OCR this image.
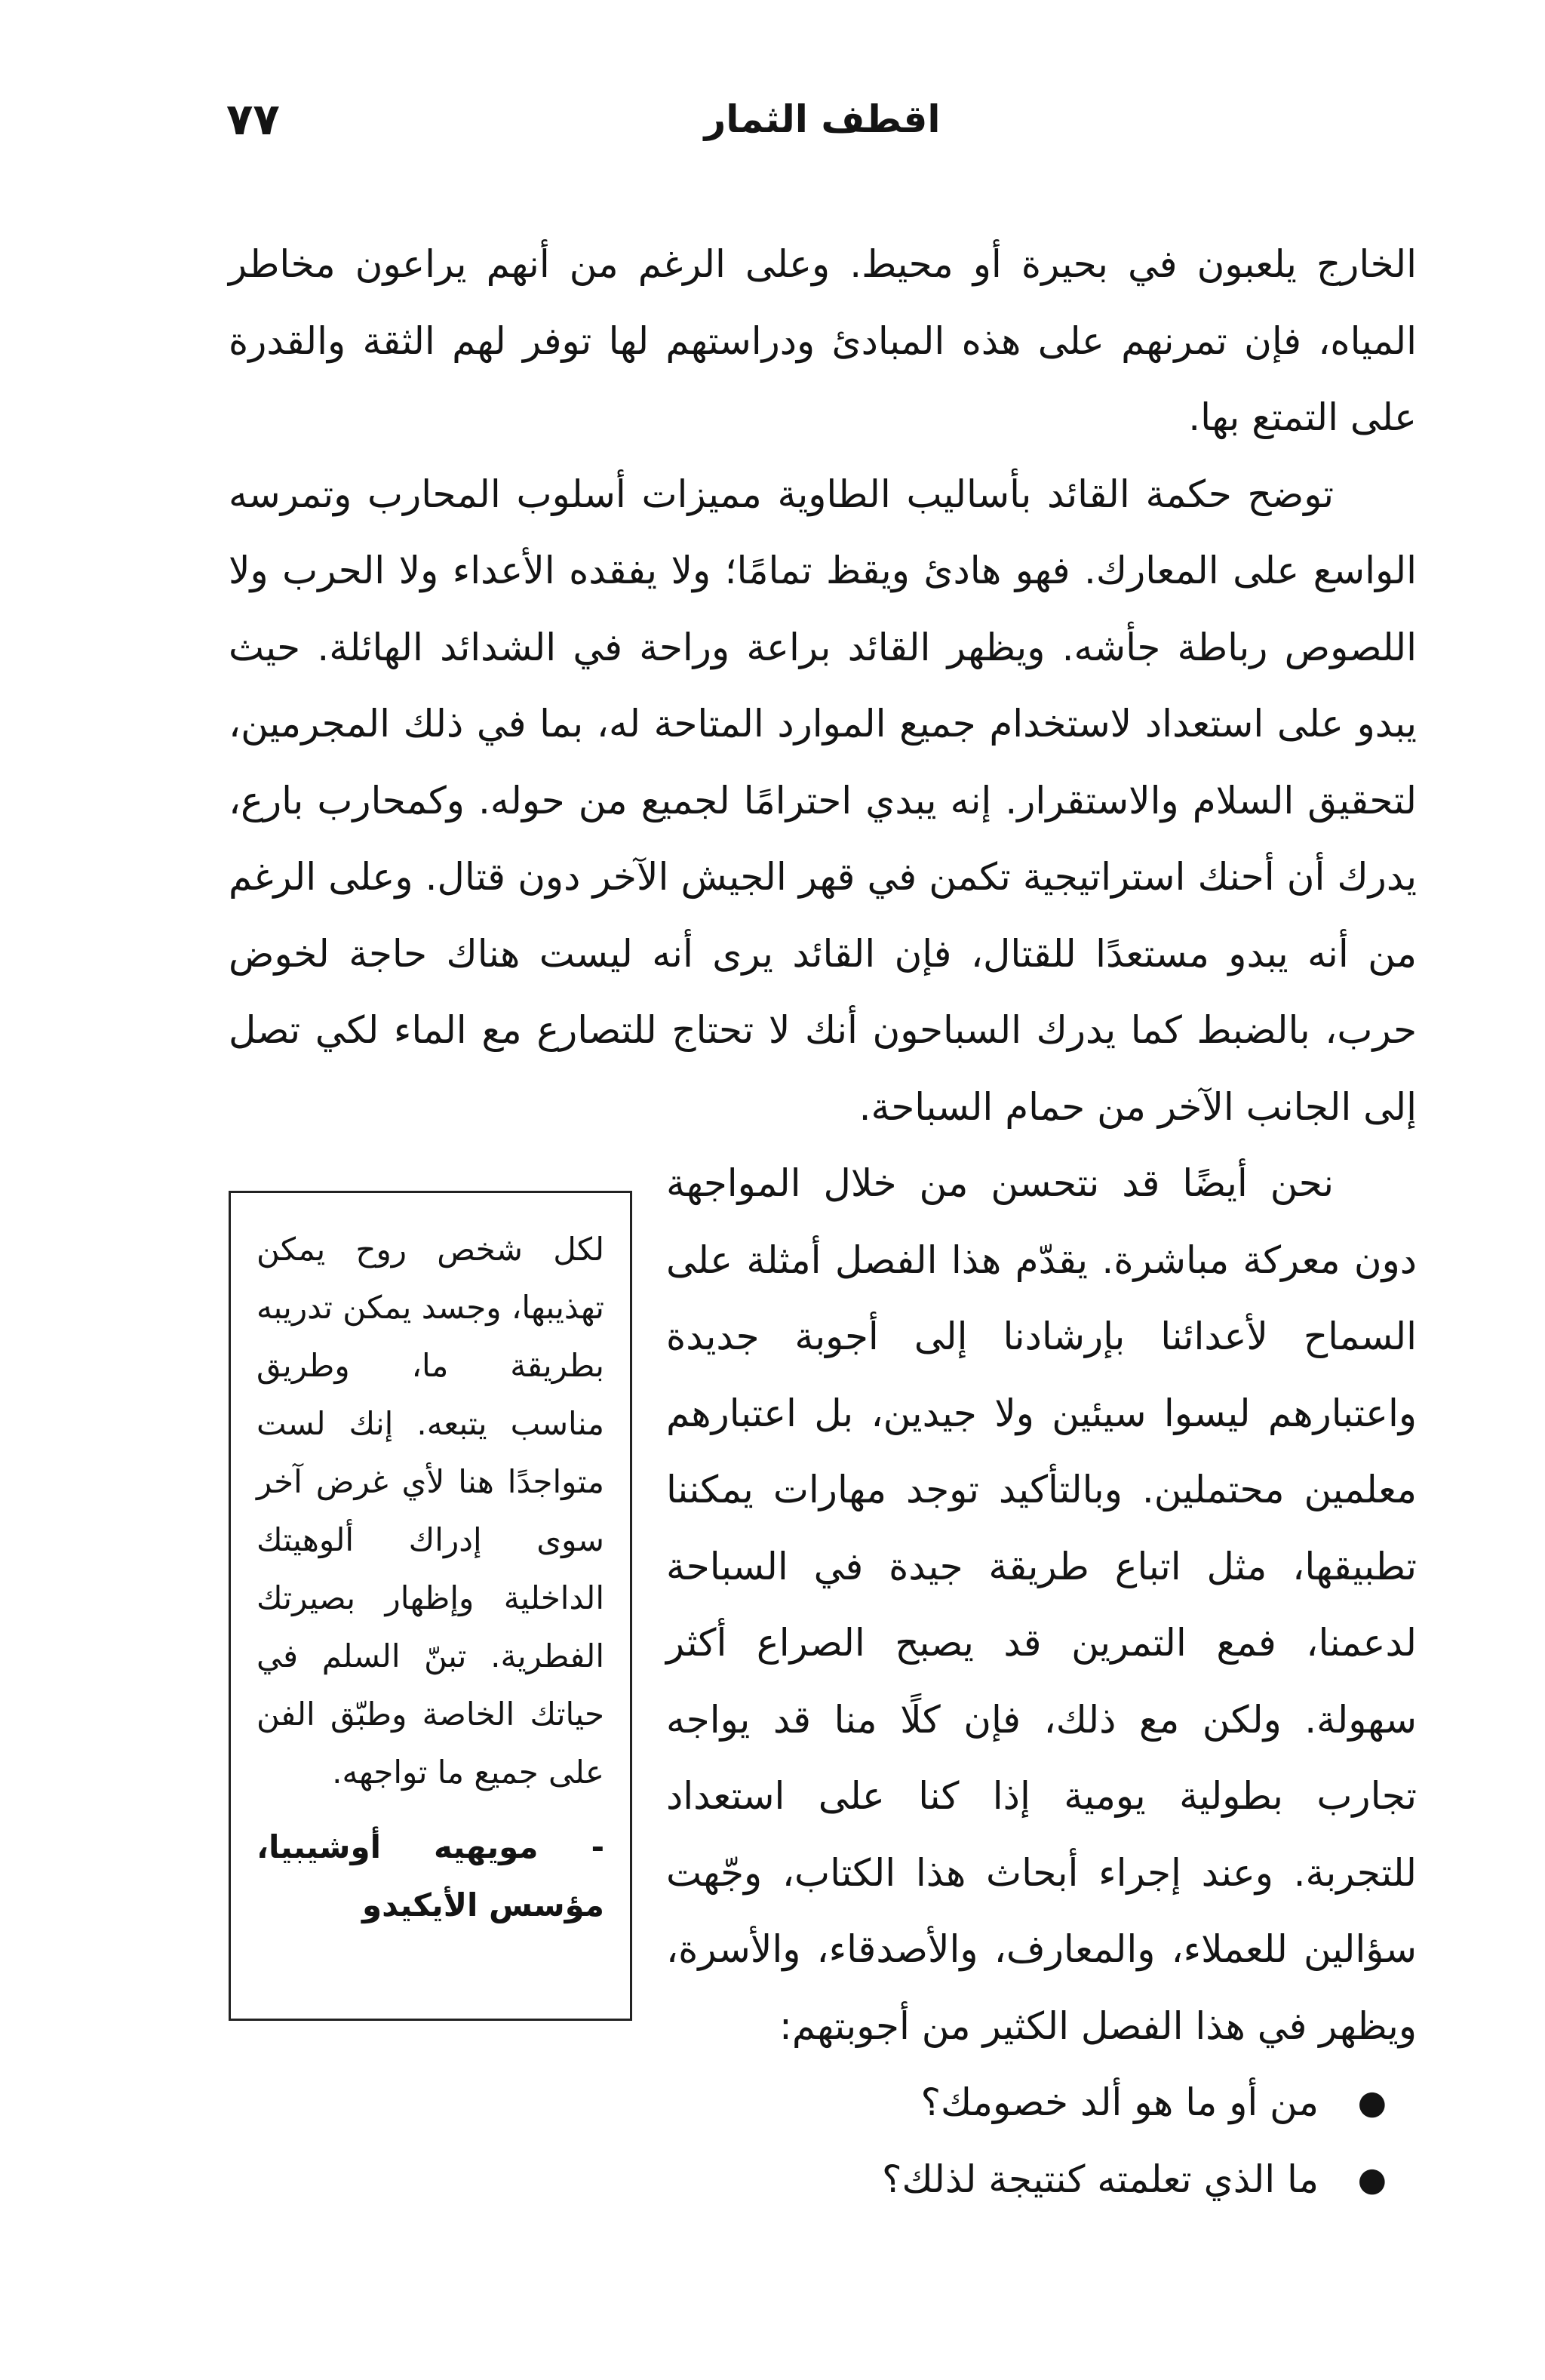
٧٧	اقطف الثمار

الخارج يلعبون في بحيرة أو محيط. وعلى الرغم من أنهم يراعون مخاطر المياه، فإن تمرنهم على هذه المبادئ ودراستهم لها توفر لهم الثقة والقدرة على التمتع بها.

توضح حكمة القائد بأساليب الطاوية مميزات أسلوب المحارب وتمرسه الواسع على المعارك. فهو هادئ ويقظ تمامًا؛ ولا يفقده الأعداء ولا الحرب ولا اللصوص رباطة جأشه. ويظهر القائد براعة وراحة في الشدائد الهائلة. حيث يبدو على استعداد لاستخدام جميع الموارد المتاحة له، بما في ذلك المجرمين، لتحقيق السلام والاستقرار. إنه يبدي احترامًا لجميع من حوله. وكمحارب بارع، يدرك أن أحنك استراتيجية تكمن في قهر الجيش الآخر دون قتال. وعلى الرغم من أنه يبدو مستعدًا للقتال، فإن القائد يرى أنه ليست هناك حاجة لخوض حرب، بالضبط كما يدرك السباحون أنك لا تحتاج للتصارع مع الماء لكي تصل إلى الجانب الآخر من حمام السباحة.

لكل شخص روح يمكن تهذيبها، وجسد يمكن تدريبه بطريقة ما، وطريق مناسب يتبعه. إنك لست متواجدًا هنا لأي غرض آخر سوى إدراك ألوهيتك الداخلية وإظهار بصيرتك الفطرية. تبنّ السلم في حياتك الخاصة وطبّق الفن على جميع ما تواجهه.

- مويهيه أوشيبيا، مؤسس الأيكيدو

نحن أيضًا قد نتحسن من خلال المواجهة دون معركة مباشرة. يقدّم هذا الفصل أمثلة على السماح لأعدائنا بإرشادنا إلى أجوبة جديدة واعتبارهم ليسوا سيئين ولا جيدين، بل اعتبارهم معلمين محتملين. وبالتأكيد توجد مهارات يمكننا تطبيقها، مثل اتباع طريقة جيدة في السباحة لدعمنا، فمع التمرين قد يصبح الصراع أكثر سهولة. ولكن مع ذلك، فإن كلًا منا قد يواجه تجارب بطولية يومية إذا كنا على استعداد للتجربة. وعند إجراء أبحاث هذا الكتاب، وجّهت سؤالين للعملاء، والمعارف، والأصدقاء، والأسرة، ويظهر في هذا الفصل الكثير من أجوبتهم:

●
من أو ما هو ألد خصومك؟
●
ما الذي تعلمته كنتيجة لذلك؟
